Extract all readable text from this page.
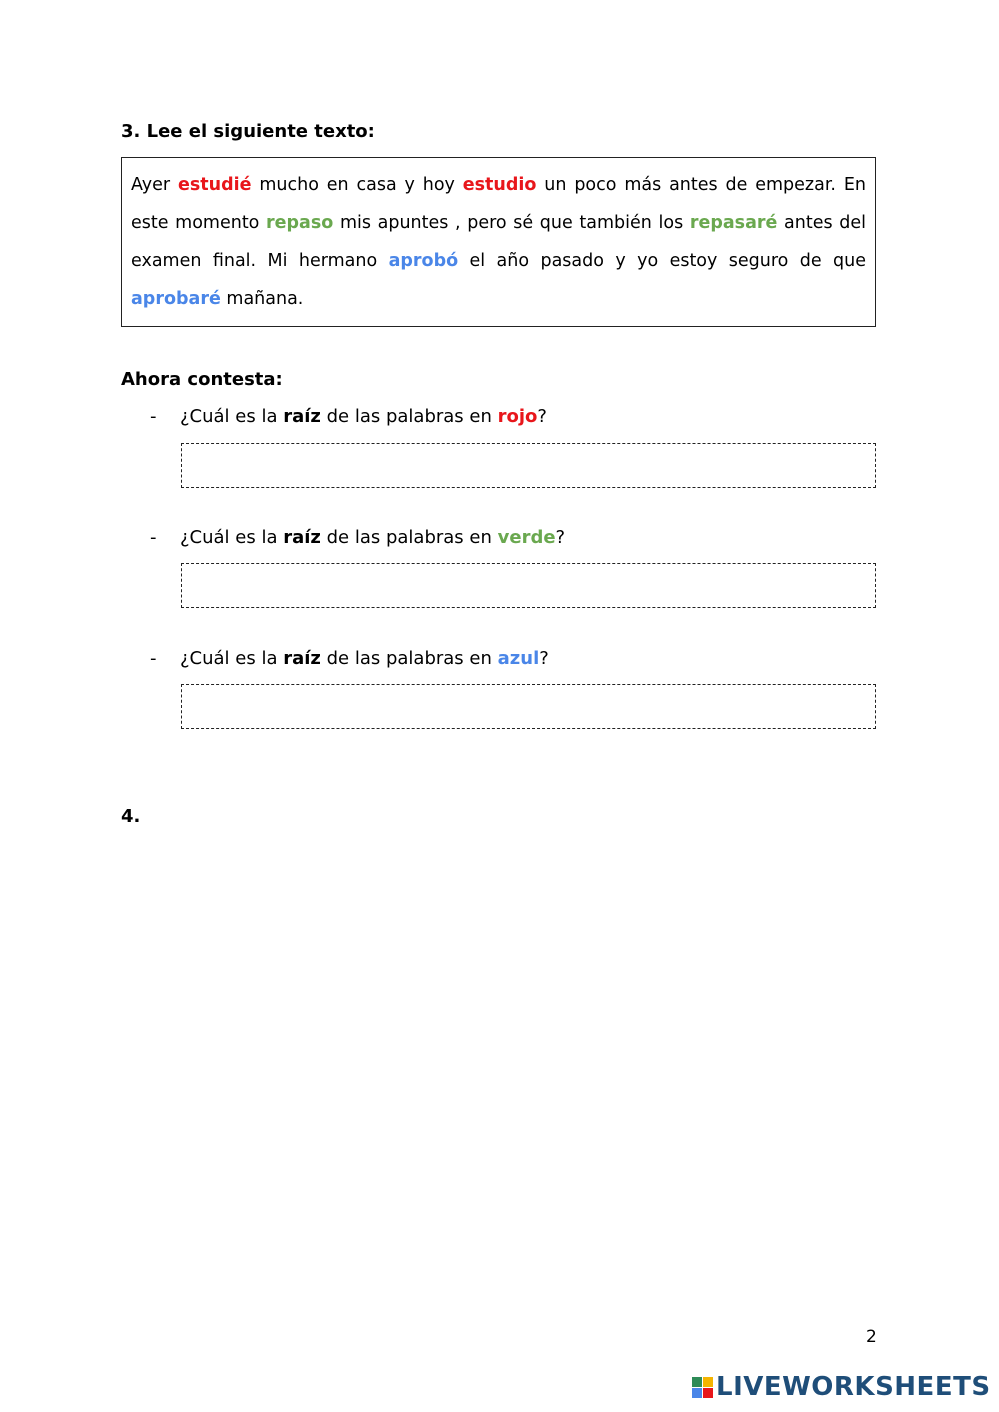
3. Lee el siguiente texto:
Ayer estudié mucho en casa y hoy estudio un poco más antes de empezar. En este momento repaso mis apuntes , pero sé que también los repasaré antes del examen final. Mi hermano aprobó el año pasado y yo estoy seguro de que aprobaré mañana.
Ahora contesta:
- ¿Cuál es la raíz de las palabras en rojo?
- ¿Cuál es la raíz de las palabras en verde?
- ¿Cuál es la raíz de las palabras en azul?
4.
2
LIVEWORKSHEETS
